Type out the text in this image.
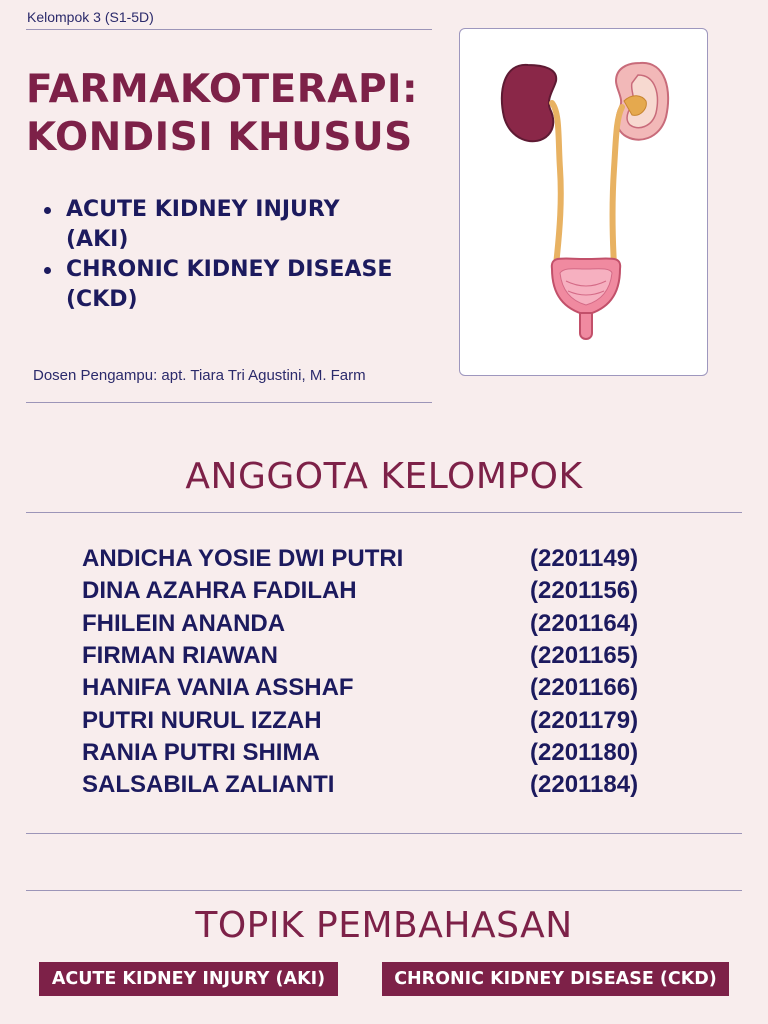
Kelompok 3 (S1-5D)
FARMAKOTERAPI:
KONDISI KHUSUS
ACUTE KIDNEY INJURY
(AKI)
CHRONIC KIDNEY DISEASE
(CKD)
Dosen Pengampu: apt. Tiara Tri Agustini, M. Farm
ANGGOTA KELOMPOK
ANDICHA YOSIE DWI PUTRI	(2201149)
DINA AZAHRA FADILAH	(2201156)
FHILEIN ANANDA	(2201164)
FIRMAN RIAWAN	(2201165)
HANIFA VANIA ASSHAF	(2201166)
PUTRI NURUL IZZAH	(2201179)
RANIA PUTRI SHIMA	(2201180)
SALSABILA ZALIANTI	(2201184)
TOPIK PEMBAHASAN
ACUTE KIDNEY INJURY (AKI)	CHRONIC KIDNEY DISEASE (CKD)
